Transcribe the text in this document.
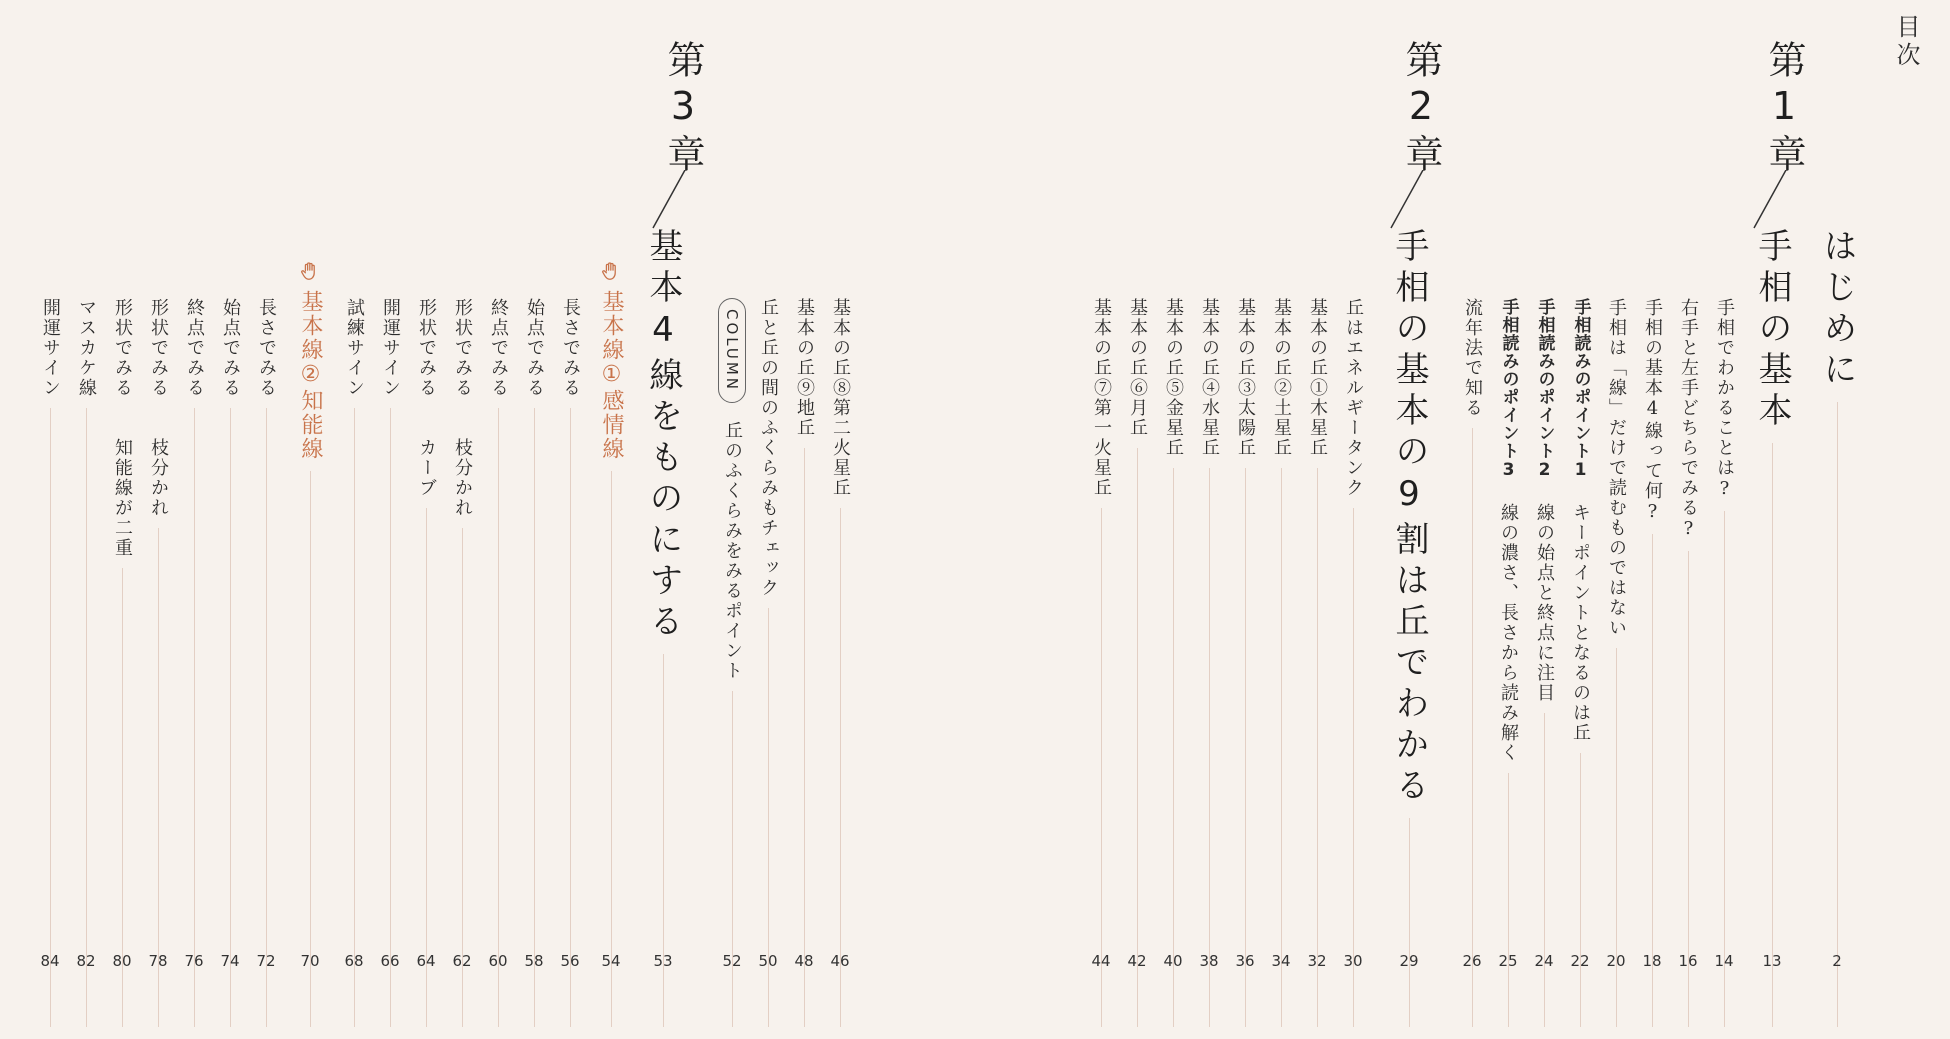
目次
はじめに
2
第1章
手相の基本
13
手相でわかることは?
14
右手と左手どちらでみる?
16
手相の基本4線って何?
18
手相は「線」だけで読むものではない
20
手相読みのポイント1
キーポイントとなるのは丘
22
手相読みのポイント2
線の始点と終点に注目
24
手相読みのポイント3
線の濃さ、長さから読み解く
25
流年法で知る
26
第2章
手相の基本の9割は丘でわかる
29
丘はエネルギータンク
30
基本の丘①木星丘
32
基本の丘②土星丘
34
基本の丘③太陽丘
36
基本の丘④水星丘
38
基本の丘⑤金星丘
40
基本の丘⑥月丘
42
基本の丘⑦第一火星丘
44
基本の丘⑧第二火星丘
46
基本の丘⑨地丘
48
丘と丘の間のふくらみもチェック
50
COLUMN
丘のふくらみをみるポイント
52
第3章
基本4線をものにする
53
基本線①感情線
54
長さでみる
56
始点でみる
58
終点でみる
60
形状でみる
枝分かれ
62
形状でみる
カーブ
64
開運サイン
66
試練サイン
68
基本線②知能線
70
長さでみる
72
始点でみる
74
終点でみる
76
形状でみる
枝分かれ
78
形状でみる
知能線が二重
80
マスカケ線
82
開運サイン
84
